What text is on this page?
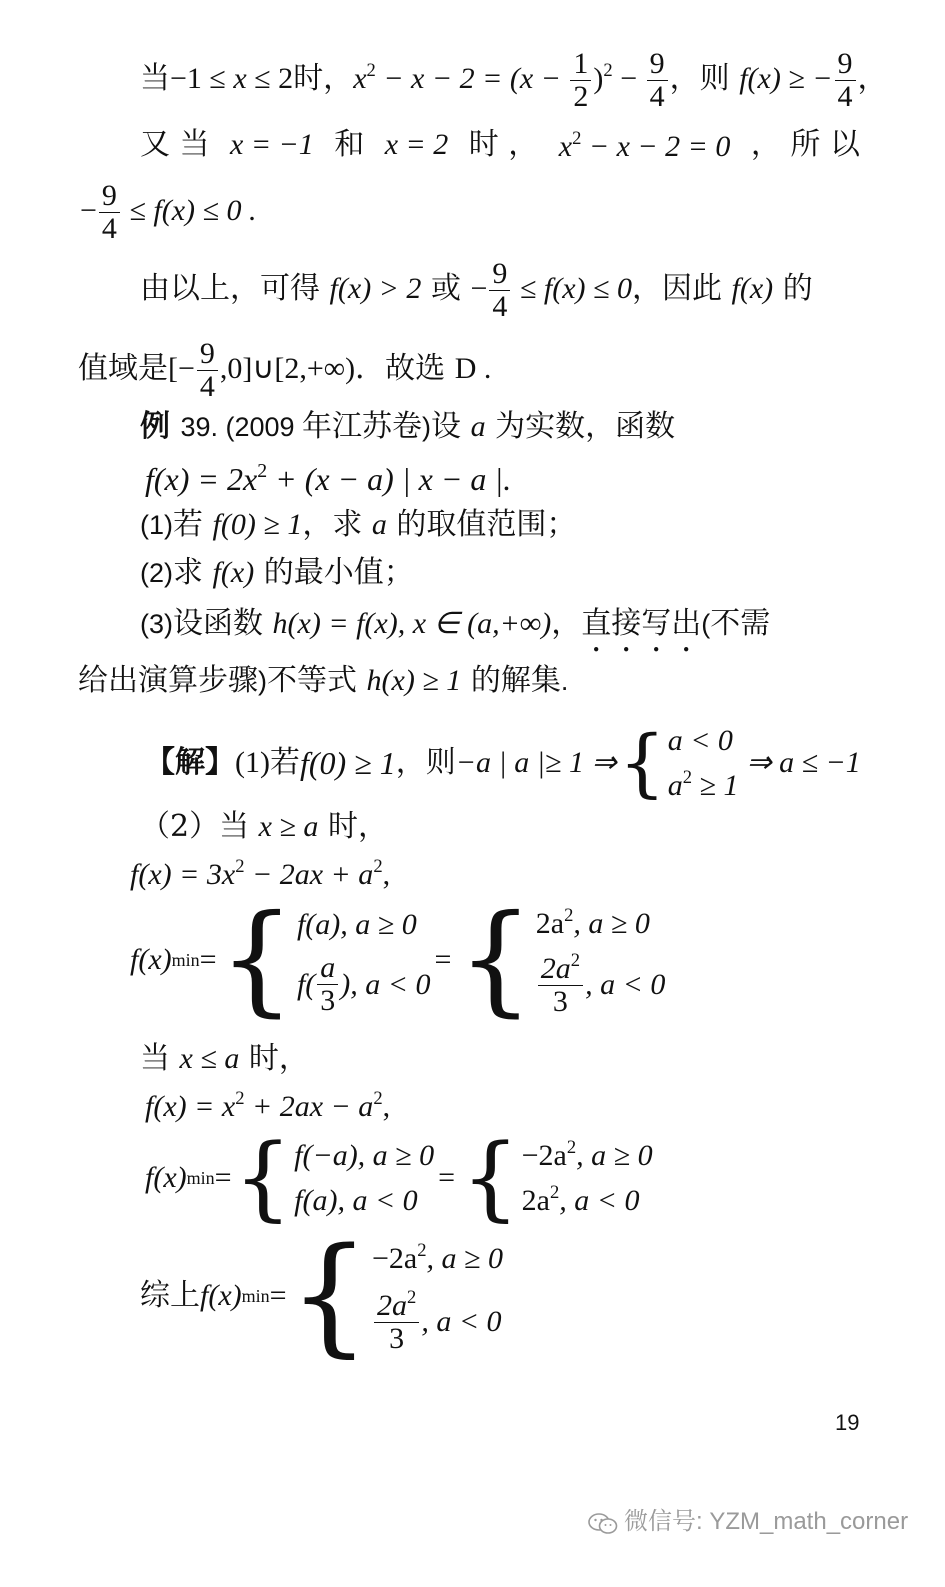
当−1 ≤ x ≤ 2时，$x^2 - x - 2 = (x - \frac{1}{2} )^2 - \frac{9}{4}$ ，则 f(x) ≥ − $\frac{9}{4}$ ，
又 当 x = −1 和 x = 2 时 ， $x^2 - x - 2 = 0$ ， 所 以
− $\frac{9}{4} \le f(x) \le 0$ .
由以上，可得 f(x) > 2 或 − $\frac{9}{4} \le f(x) \le 0$，因此 f(x) 的
值域是[− $\frac{9}{4}$ ,0]∪[2,+∞)．故选 D .
例 39. (2009 年江苏卷)设 a 为实数，函数
$f(x) = 2x^2 + (x - a)$ | x − a |.
(1)若 f(0) ≥ 1，求 a 的取值范围；
(2)求 f(x) 的最小值；
(3)设函数 h(x) = f(x), x ∈ (a,+∞)，直接写出(不需
给出演算步骤)不等式 h(x) ≥ 1 的解集.
【解】 (1) 若 f(0) ≥ 1 ，则 −a | a |≥ 1 ⇒ { a < 0
$a^2 \ge 1$
⇒ a ≤ −1
（2）当 x ≥ a 时，
$f(x) = 3x^2 - 2ax + a^2$,
f(x) min = { f(a), a ≥ 0
$f( \frac{a}{3}$ ), a < 0
= { $2a^2$, a ≥ 0
$\frac{2a^2}{3}$ , a < 0
当 x ≤ a 时，
$f(x) = x^2 + 2ax - a^2$,
f(x) min = { f(−a), a ≥ 0
f(a), a < 0
= { $-2a^2$, a ≥ 0
$2a^2$, a < 0
综上 f(x) min = { $-2a^2$, a ≥ 0
$\frac{2a^2}{3}$ , a < 0
19
微信号: YZM_math_corner
